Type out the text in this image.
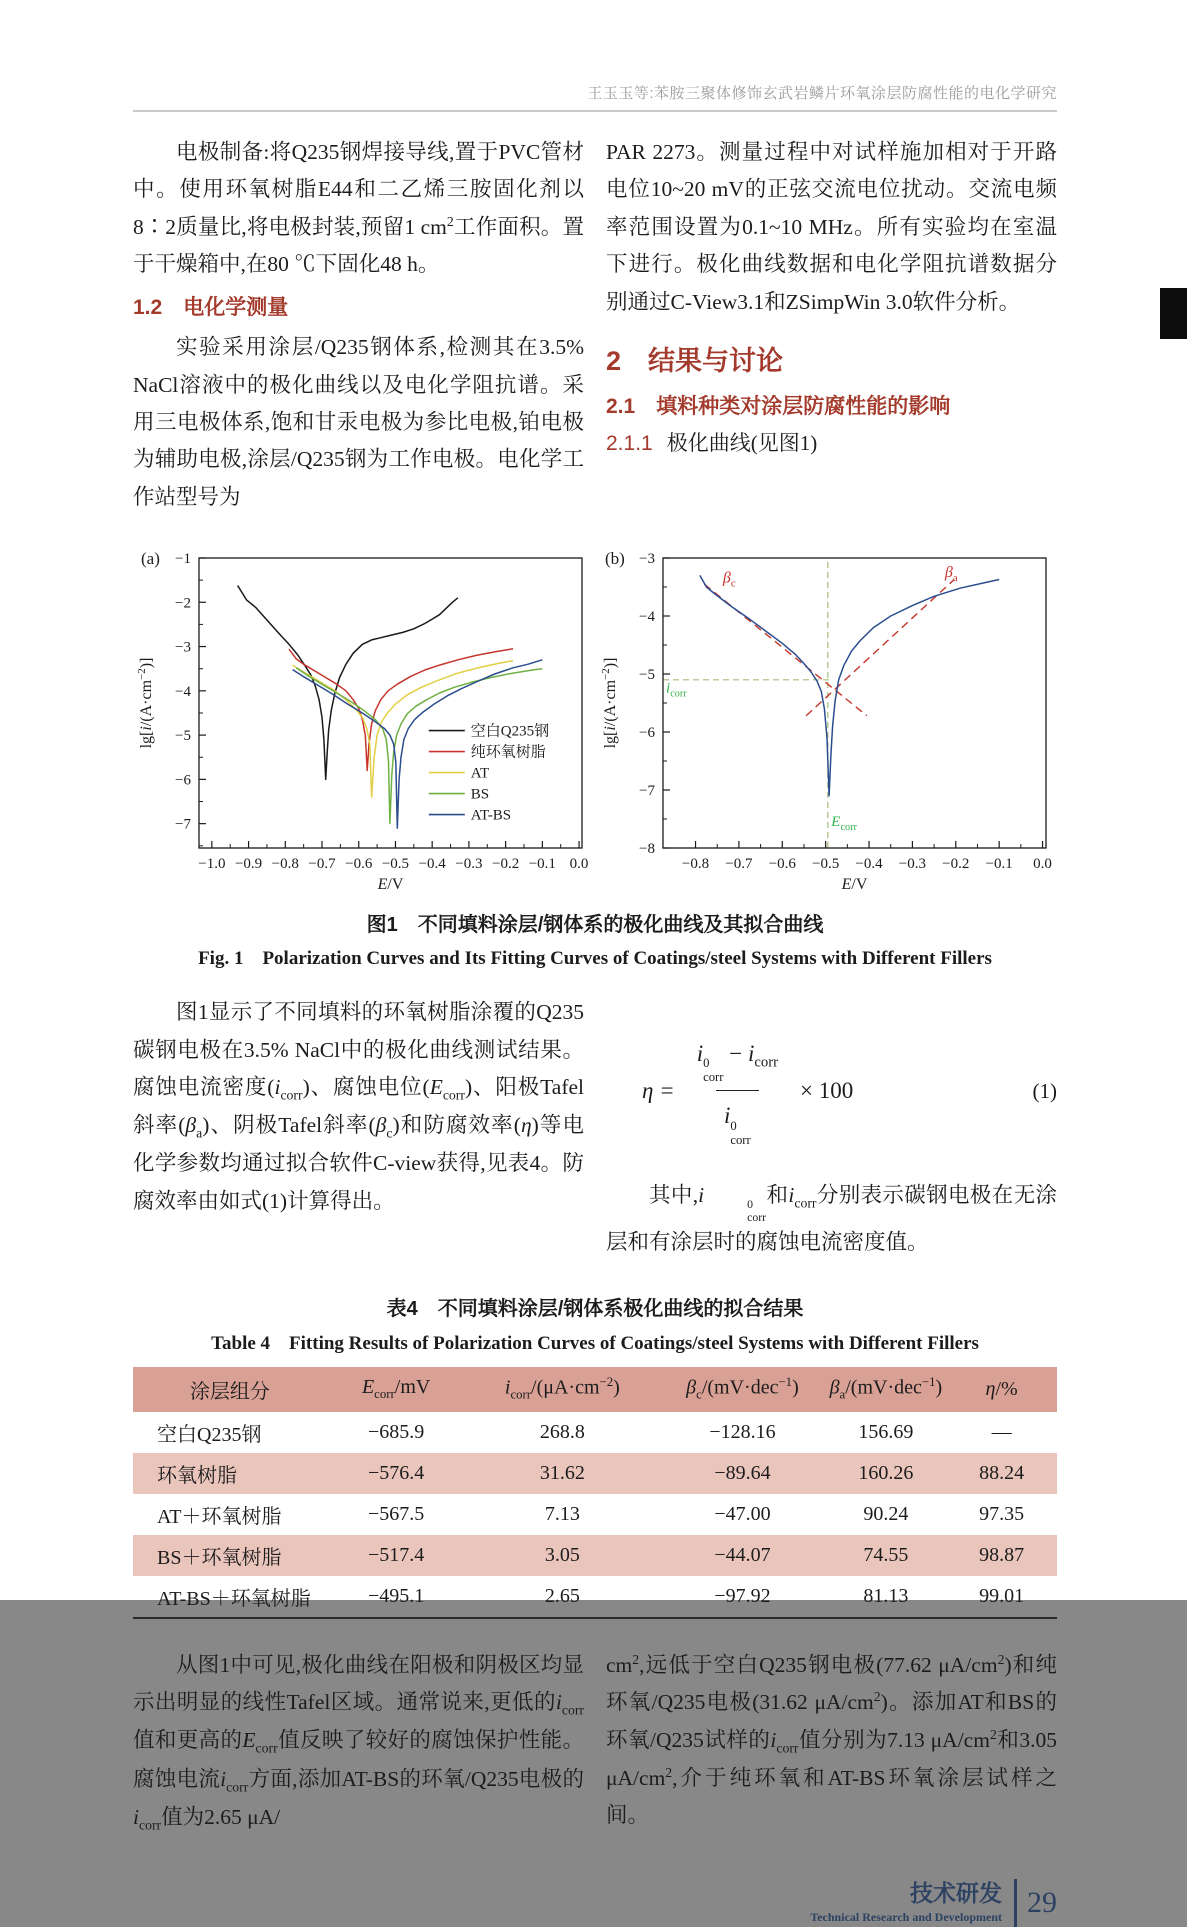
王玉玉等:苯胺三聚体修饰玄武岩鳞片环氧涂层防腐性能的电化学研究

电极制备:将Q235钢焊接导线,置于PVC管材中。使用环氧树脂E44和二乙烯三胺固化剂以8∶2质量比,将电极封装,预留1 $cm^2$工作面积。置于干燥箱中,在80 ℃下固化48 h。

1.2　电化学测量

实验采用涂层/Q235钢体系,检测其在3.5% NaCl溶液中的极化曲线以及电化学阻抗谱。采用三电极体系,饱和甘汞电极为参比电极,铂电极为辅助电极,涂层/Q235钢为工作电极。电化学工作站型号为

PAR 2273。测量过程中对试样施加相对于开路电位10~20 mV的正弦交流电位扰动。交流电频率范围设置为0.1~10 MHz。所有实验均在室温下进行。极化曲线数据和电化学阻抗谱数据分别通过C-View3.1和ZSimpWin 3.0软件分析。

2　结果与讨论
2.1　填料种类对涂层防腐性能的影响
2.1.1 极化曲线(见图1)
−1.0 −0.9 −0.8 −0.7 −0.6 −0.5 −0.4 −0.3 −0.2 −0.1 0.0
−1
−2
−3
−4
−5
−6
−7
(a)
E/V
$\lg[i/(A\cdot cm^{-2})]$
空白Q235钢
纯环氧树脂
AT
BS
AT-BS
$i_{corr}$
$E_{corr}$
$\beta_c$
$\beta_a$
−0.8 −0.7 −0.6 −0.5 −0.4 −0.3 −0.2 −0.1 0.0
−3
−4
−5
−6
−7
−8
(b)
E/V
$\lg[i/(A\cdot cm^{-2})]$
图1　不同填料涂层/钢体系的极化曲线及其拟合曲线
Fig. 1　Polarization Curves and Its Fitting Curves of Coatings/steel Systems with Different Fillers

图1显示了不同填料的环氧树脂涂覆的Q235碳钢电极在3.5% NaCl中的极化曲线测试结果。腐蚀电流密度$(i_{corr})$、腐蚀电位$(E_{corr})$、阳极Tafel斜率$(\beta_a)$、阴极Tafel斜率$(\beta_c)$和防腐效率(η)等电化学参数均通过拟合软件C-view获得,见表4。防腐效率由如式(1)计算得出。

η = i 0
corr
− $i_{corr}$
i 0
corr × 100	(1)

其中,i	0
corr
和$i_{corr}$分别表示碳钢电极在无涂层和有涂层时的腐蚀电流密度值。

表4　不同填料涂层/钢体系极化曲线的拟合结果
Table 4　Fitting Results of Polarization Curves of Coatings/steel Systems with Different Fillers
涂层组分	$E_{corr}/mV$	$i_{corr}/(\mu A\cdot cm^{-2})$	$\beta_c/(mV\cdot dec^{-1})$	$\beta_a/(mV\cdot dec^{-1})$	η/%
空白Q235钢	−685.9	268.8	−128.16	156.69	—
环氧树脂	−576.4	31.62	−89.64	160.26	88.24
AT＋环氧树脂	−567.5	7.13	−47.00	90.24	97.35
BS＋环氧树脂	−517.4	3.05	−44.07	74.55	98.87
AT-BS＋环氧树脂	−495.1	2.65	−97.92	81.13	99.01

从图1中可见,极化曲线在阳极和阴极区均显示出明显的线性Tafel区域。通常说来,更低的$i_{corr}$值和更高的$E_{corr}$值反映了较好的腐蚀保护性能。腐蚀电流$i_{corr}$方面,添加AT-BS的环氧/Q235电极的$i_{corr}$值为2.65 μA/

$cm^2$,远低于空白Q235钢电极(77.62 $\mu A/cm^2$)和纯环氧/Q235电极(31.62 $\mu A/cm^2$)。添加AT和BS的环氧/Q235试样的$i_{corr}$值分别为7.13 $\mu A/cm^2$和3.05 $\mu A/cm^2$,介于纯环氧和AT-BS环氧涂层试样之间。

技术研发
Technical Research and Development 29
